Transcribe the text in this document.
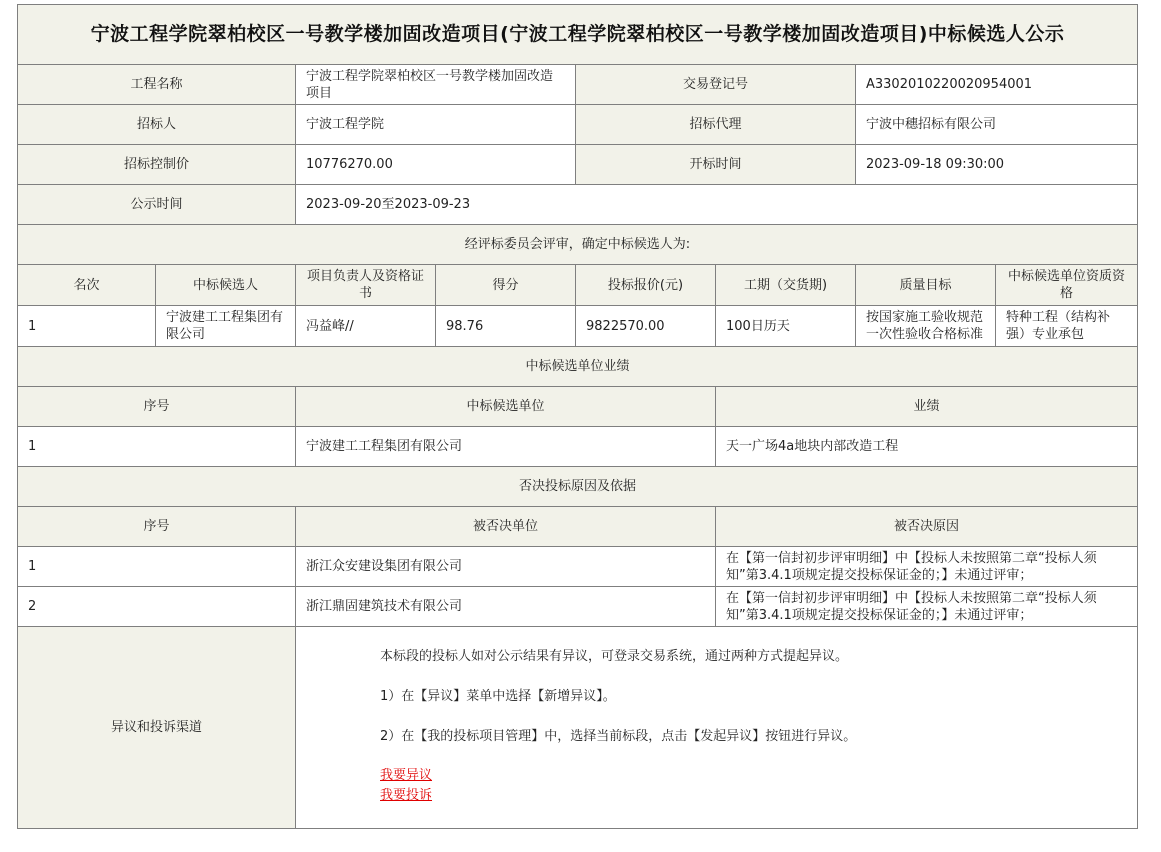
宁波工程学院翠柏校区一号教学楼加固改造项目(宁波工程学院翠柏校区一号教学楼加固改造项目)中标候选人公示							
工程名称		宁波工程学院翠柏校区一号教学楼加固改造项目		交易登记号		A3302010220020954001	
招标人		宁波工程学院		招标代理		宁波中穗招标有限公司	
招标控制价		10776270.00		开标时间		2023-09-18 09:30:00	
公示时间		2023-09-20至2023-09-23					
经评标委员会评审，确定中标候选人为:							
名次	中标候选人	项目负责人及资格证书	得分	投标报价(元)	工期（交货期)	质量目标	中标候选单位资质资格
1	宁波建工工程集团有限公司	冯益峰//	98.76	9822570.00	100日历天	按国家施工验收规范一次性验收合格标准	特种工程（结构补强）专业承包
中标候选单位业绩							
序号		中标候选单位			业绩		
1		宁波建工工程集团有限公司			天一广场4a地块内部改造工程		
否决投标原因及依据							
序号		被否决单位			被否决原因		
1		浙江众安建设集团有限公司			在【第一信封初步评审明细】中【投标人未按照第二章“投标人须知”第3.4.1项规定提交投标保证金的；】未通过评审；		
2		浙江鼎固建筑技术有限公司			在【第一信封初步评审明细】中【投标人未按照第二章“投标人须知”第3.4.1项规定提交投标保证金的；】未通过评审；		
异议和投诉渠道		本标段的投标人如对公示结果有异议，可登录交易系统，通过两种方式提起异议。

1）在【异议】菜单中选择【新增异议】。

2）在【我的投标项目管理】中，选择当前标段，点击【发起异议】按钮进行异议。

我要异议
我要投诉					
